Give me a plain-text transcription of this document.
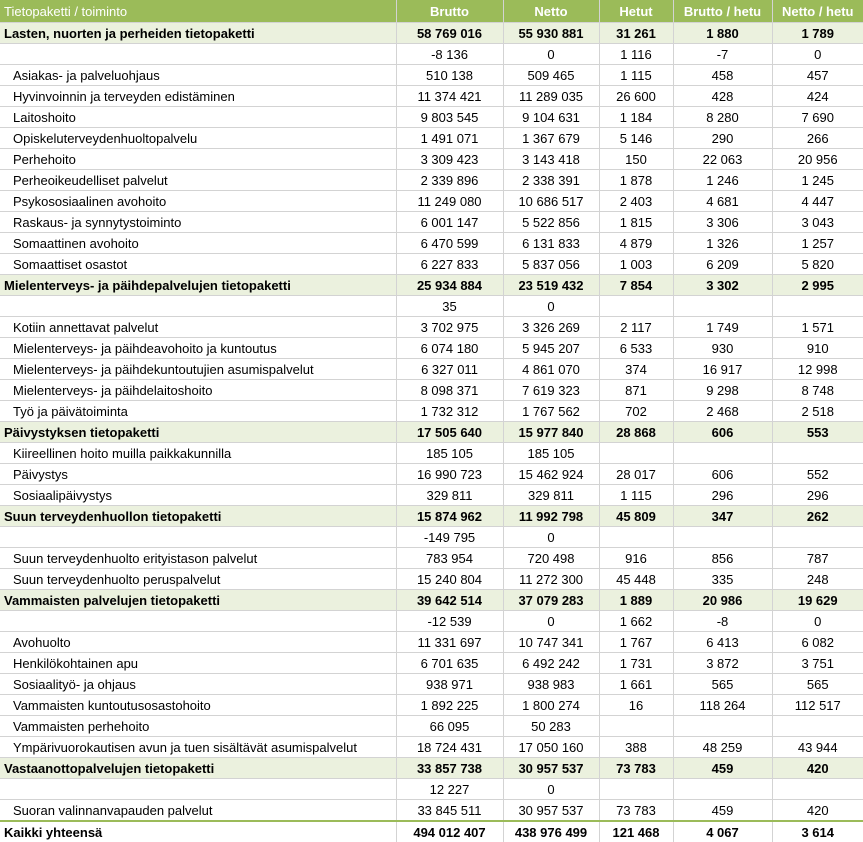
Tietopaketti / toiminto	Brutto	Netto	Hetut	Brutto / hetu	Netto / hetu
Lasten, nuorten ja perheiden tietopaketti	58 769 016	55 930 881	31 261	1 880	1 789
	-8 136	0	1 116	-7	0
Asiakas- ja palveluohjaus	510 138	509 465	1 115	458	457
Hyvinvoinnin ja terveyden edistäminen	11 374 421	11 289 035	26 600	428	424
Laitoshoito	9 803 545	9 104 631	1 184	8 280	7 690
Opiskeluterveydenhuoltopalvelu	1 491 071	1 367 679	5 146	290	266
Perhehoito	3 309 423	3 143 418	150	22 063	20 956
Perheoikeudelliset palvelut	2 339 896	2 338 391	1 878	1 246	1 245
Psykososiaalinen avohoito	11 249 080	10 686 517	2 403	4 681	4 447
Raskaus- ja synnytystoiminto	6 001 147	5 522 856	1 815	3 306	3 043
Somaattinen avohoito	6 470 599	6 131 833	4 879	1 326	1 257
Somaattiset osastot	6 227 833	5 837 056	1 003	6 209	5 820
Mielenterveys- ja päihdepalvelujen tietopaketti	25 934 884	23 519 432	7 854	3 302	2 995
	35	0			
Kotiin annettavat palvelut	3 702 975	3 326 269	2 117	1 749	1 571
Mielenterveys- ja päihdeavohoito ja kuntoutus	6 074 180	5 945 207	6 533	930	910
Mielenterveys- ja päihdekuntoutujien asumispalvelut	6 327 011	4 861 070	374	16 917	12 998
Mielenterveys- ja päihdelaitoshoito	8 098 371	7 619 323	871	9 298	8 748
Työ ja päivätoiminta	1 732 312	1 767 562	702	2 468	2 518
Päivystyksen tietopaketti	17 505 640	15 977 840	28 868	606	553
Kiireellinen hoito muilla paikkakunnilla	185 105	185 105			
Päivystys	16 990 723	15 462 924	28 017	606	552
Sosiaalipäivystys	329 811	329 811	1 115	296	296
Suun terveydenhuollon tietopaketti	15 874 962	11 992 798	45 809	347	262
	-149 795	0			
Suun terveydenhuolto erityistason palvelut	783 954	720 498	916	856	787
Suun terveydenhuolto peruspalvelut	15 240 804	11 272 300	45 448	335	248
Vammaisten palvelujen tietopaketti	39 642 514	37 079 283	1 889	20 986	19 629
	-12 539	0	1 662	-8	0
Avohuolto	11 331 697	10 747 341	1 767	6 413	6 082
Henkilökohtainen apu	6 701 635	6 492 242	1 731	3 872	3 751
Sosiaalityö- ja ohjaus	938 971	938 983	1 661	565	565
Vammaisten kuntoutusosastohoito	1 892 225	1 800 274	16	118 264	112 517
Vammaisten perhehoito	66 095	50 283			
Ympärivuorokautisen avun ja tuen sisältävät asumispalvelut	18 724 431	17 050 160	388	48 259	43 944
Vastaanottopalvelujen tietopaketti	33 857 738	30 957 537	73 783	459	420
	12 227	0			
Suoran valinnanvapauden palvelut	33 845 511	30 957 537	73 783	459	420
Kaikki yhteensä	494 012 407	438 976 499	121 468	4 067	3 614
